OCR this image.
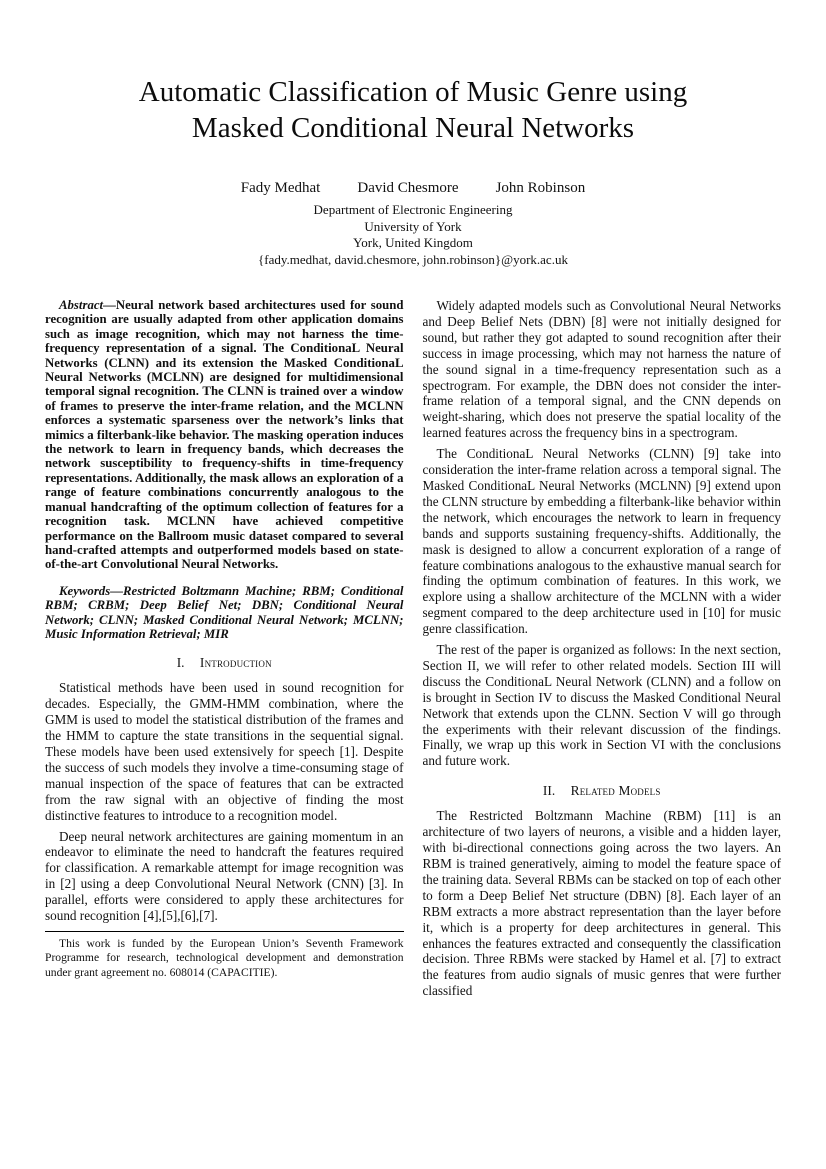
Automatic Classification of Music Genre using
Masked Conditional Neural Networks
Fady Medhat David Chesmore John Robinson
Department of Electronic Engineering
University of York
York, United Kingdom
{fady.medhat, david.chesmore, john.robinson}@york.ac.uk

Abstract—Neural network based architectures used for sound recognition are usually adapted from other application domains such as image recognition, which may not harness the time-frequency representation of a signal. The ConditionaL Neural Networks (CLNN) and its extension the Masked ConditionaL Neural Networks (MCLNN) are designed for multidimensional temporal signal recognition. The CLNN is trained over a window of frames to preserve the inter-frame relation, and the MCLNN enforces a systematic sparseness over the network’s links that mimics a filterbank-like behavior. The masking operation induces the network to learn in frequency bands, which decreases the network susceptibility to frequency-shifts in time-frequency representations. Additionally, the mask allows an exploration of a range of feature combinations concurrently analogous to the manual handcrafting of the optimum collection of features for a recognition task. MCLNN have achieved competitive performance on the Ballroom music dataset compared to several hand-crafted attempts and outperformed models based on state-of-the-art Convolutional Neural Networks.

Keywords—Restricted Boltzmann Machine; RBM; Conditional RBM; CRBM; Deep Belief Net; DBN; Conditional Neural Network; CLNN; Masked Conditional Neural Network; MCLNN; Music Information Retrieval; MIR

I. Introduction

Statistical methods have been used in sound recognition for decades. Especially, the GMM-HMM combination, where the GMM is used to model the statistical distribution of the frames and the HMM to capture the state transitions in the sequential signal. These models have been used extensively for speech [1]. Despite the success of such models they involve a time-consuming stage of manual inspection of the space of features that can be extracted from the raw signal with an objective of finding the most distinctive features to introduce to a recognition model.

Deep neural network architectures are gaining momentum in an endeavor to eliminate the need to handcraft the features required for classification. A remarkable attempt for image recognition was in [2] using a deep Convolutional Neural Network (CNN) [3]. In parallel, efforts were considered to apply these architectures for sound recognition [4],[5],[6],[7].

This work is funded by the European Union’s Seventh Framework Programme for research, technological development and demonstration under grant agreement no. 608014 (CAPACITIE).

Widely adapted models such as Convolutional Neural Networks and Deep Belief Nets (DBN) [8] were not initially designed for sound, but rather they got adapted to sound recognition after their success in image processing, which may not harness the nature of the sound signal in a time-frequency representation such as a spectrogram. For example, the DBN does not consider the inter-frame relation of a temporal signal, and the CNN depends on weight-sharing, which does not preserve the spatial locality of the learned features across the frequency bins in a spectrogram.

The ConditionaL Neural Networks (CLNN) [9] take into consideration the inter-frame relation across a temporal signal. The Masked ConditionaL Neural Networks (MCLNN) [9] extend upon the CLNN structure by embedding a filterbank-like behavior within the network, which encourages the network to learn in frequency bands and supports sustaining frequency-shifts. Additionally, the mask is designed to allow a concurrent exploration of a range of feature combinations analogous to the exhaustive manual search for finding the optimum combination of features. In this work, we explore using a shallow architecture of the MCLNN with a wider segment compared to the deep architecture used in [10] for music genre classification.

The rest of the paper is organized as follows: In the next section, Section II, we will refer to other related models. Section III will discuss the ConditionaL Neural Network (CLNN) and a follow on is brought in Section IV to discuss the Masked Conditional Neural Network that extends upon the CLNN. Section V will go through the experiments with their relevant discussion of the findings. Finally, we wrap up this work in Section VI with the conclusions and future work.

II. Related Models

The Restricted Boltzmann Machine (RBM) [11] is an architecture of two layers of neurons, a visible and a hidden layer, with bi-directional connections going across the two layers. An RBM is trained generatively, aiming to model the feature space of the training data. Several RBMs can be stacked on top of each other to form a Deep Belief Net structure (DBN) [8]. Each layer of an RBM extracts a more abstract representation than the layer before it, which is a property for deep architectures in general. This enhances the features extracted and consequently the classification decision. Three RBMs were stacked by Hamel et al. [7] to extract the features from audio signals of music genres that were further classified
